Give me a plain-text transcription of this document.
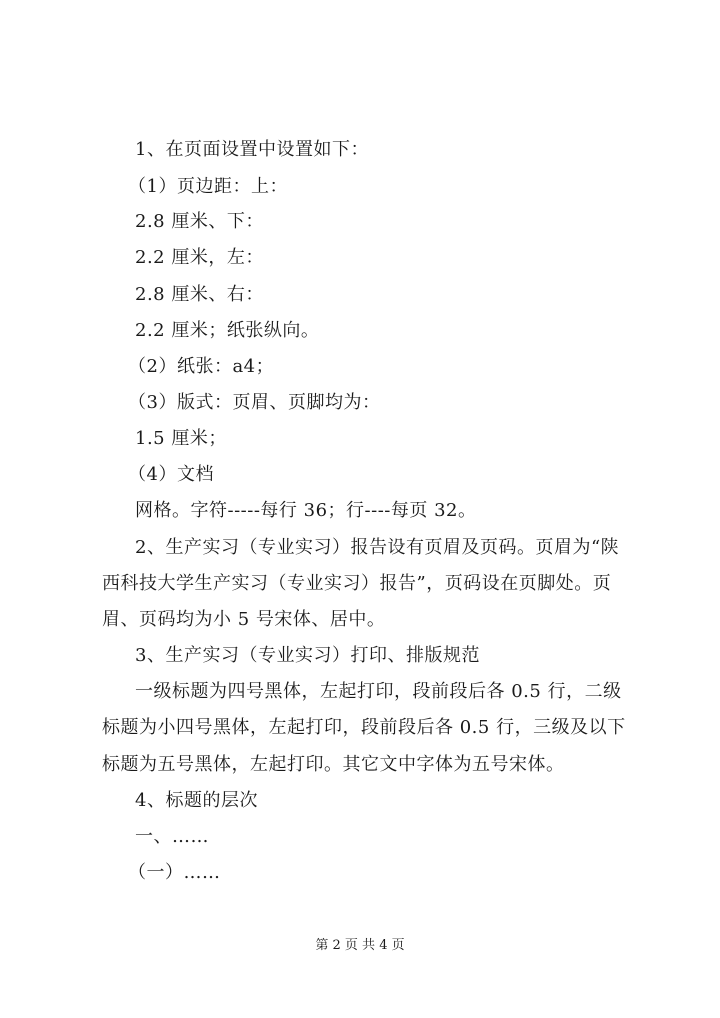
1、在页面设置中设置如下：
（1）页边距：上：
2.8 厘米、下：
2.2 厘米，左：
2.8 厘米、右：
2.2 厘米；纸张纵向。
（2）纸张：a4；
（3）版式：页眉、页脚均为：
1.5 厘米；
（4）文档
网格。字符-----每行 36；行----每页 32。
2、生产实习（专业实习）报告设有页眉及页码。页眉为“陕
西科技大学生产实习（专业实习）报告”，页码设在页脚处。页
眉、页码均为小 5 号宋体、居中。
3、生产实习（专业实习）打印、排版规范
一级标题为四号黑体，左起打印，段前段后各 0.5 行，二级
标题为小四号黑体，左起打印，段前段后各 0.5 行，三级及以下
标题为五号黑体，左起打印。其它文中字体为五号宋体。
4、标题的层次
一、……
（一）……
第 2 页 共 4 页
